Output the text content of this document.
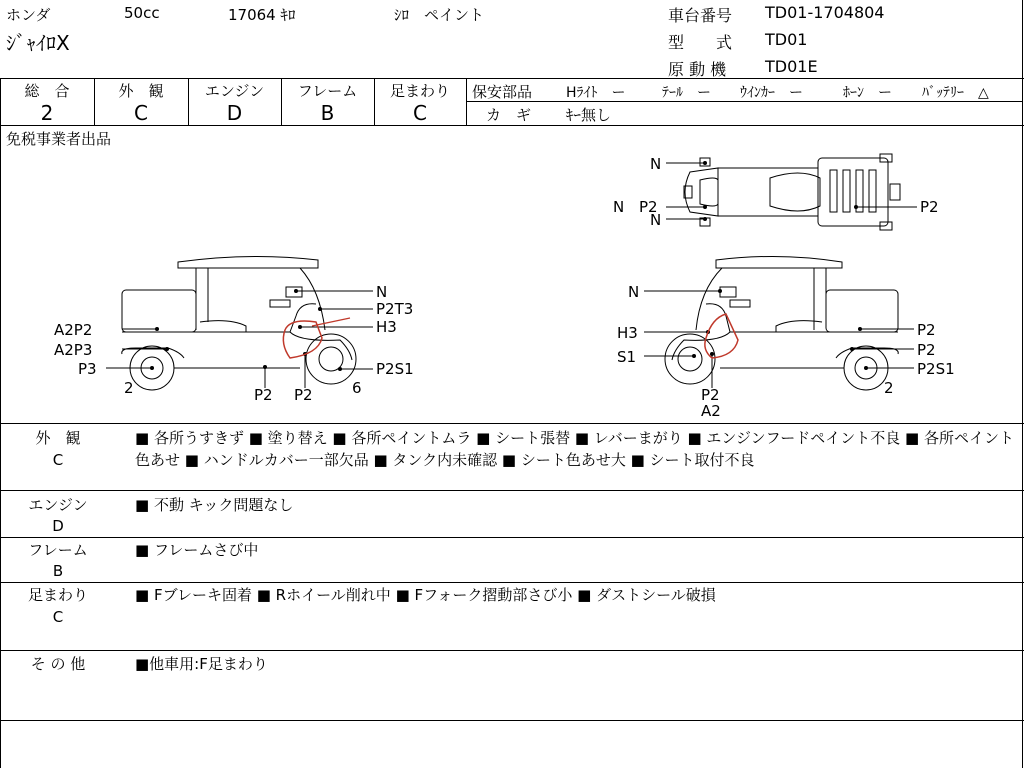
ホンダ	50cc	17064 ｷﾛ	ｼﾛ　ペイント
ｼﾞｬｲﾛX
車台番号 TD01-1704804
型　　式 TD01
原 動 機 TD01E
総　合
2
外　観
C
エンジン
D
フレーム
B
足まわり
C
保安部品 Hﾗｲﾄ　ー	ﾃｰﾙ　ー ｳｲﾝｶｰ　ー	ﾎｰﾝ　ー ﾊﾞｯﾃﾘｰ　△
カ　ギ ｷｰ無し
免税事業者出品
N
N
P2
N	P2
N
P2T3
H3
A2P2
A2P3
P3	P2S1
2	P2 P2	6
N
H3
S1
P2
P2
P2S1
2
P2
A2
外　観
C
■ 各所うすきず ■ 塗り替え ■ 各所ペイントムラ ■ シート張替 ■ レバーまがり ■ エンジンフードペイント不良 ■ 各所ペイント色あせ ■ ハンドルカバー一部欠品 ■ タンク内未確認 ■ シート色あせ大 ■ シート取付不良
エンジン
D
■ 不動 キック問題なし
フレーム
B
■ フレームさび中
足まわり
C
■ Fブレーキ固着 ■ Rホイール削れ中 ■ Fフォーク摺動部さび小 ■ ダストシール破損
そ の 他	■他車用:F足まわり
